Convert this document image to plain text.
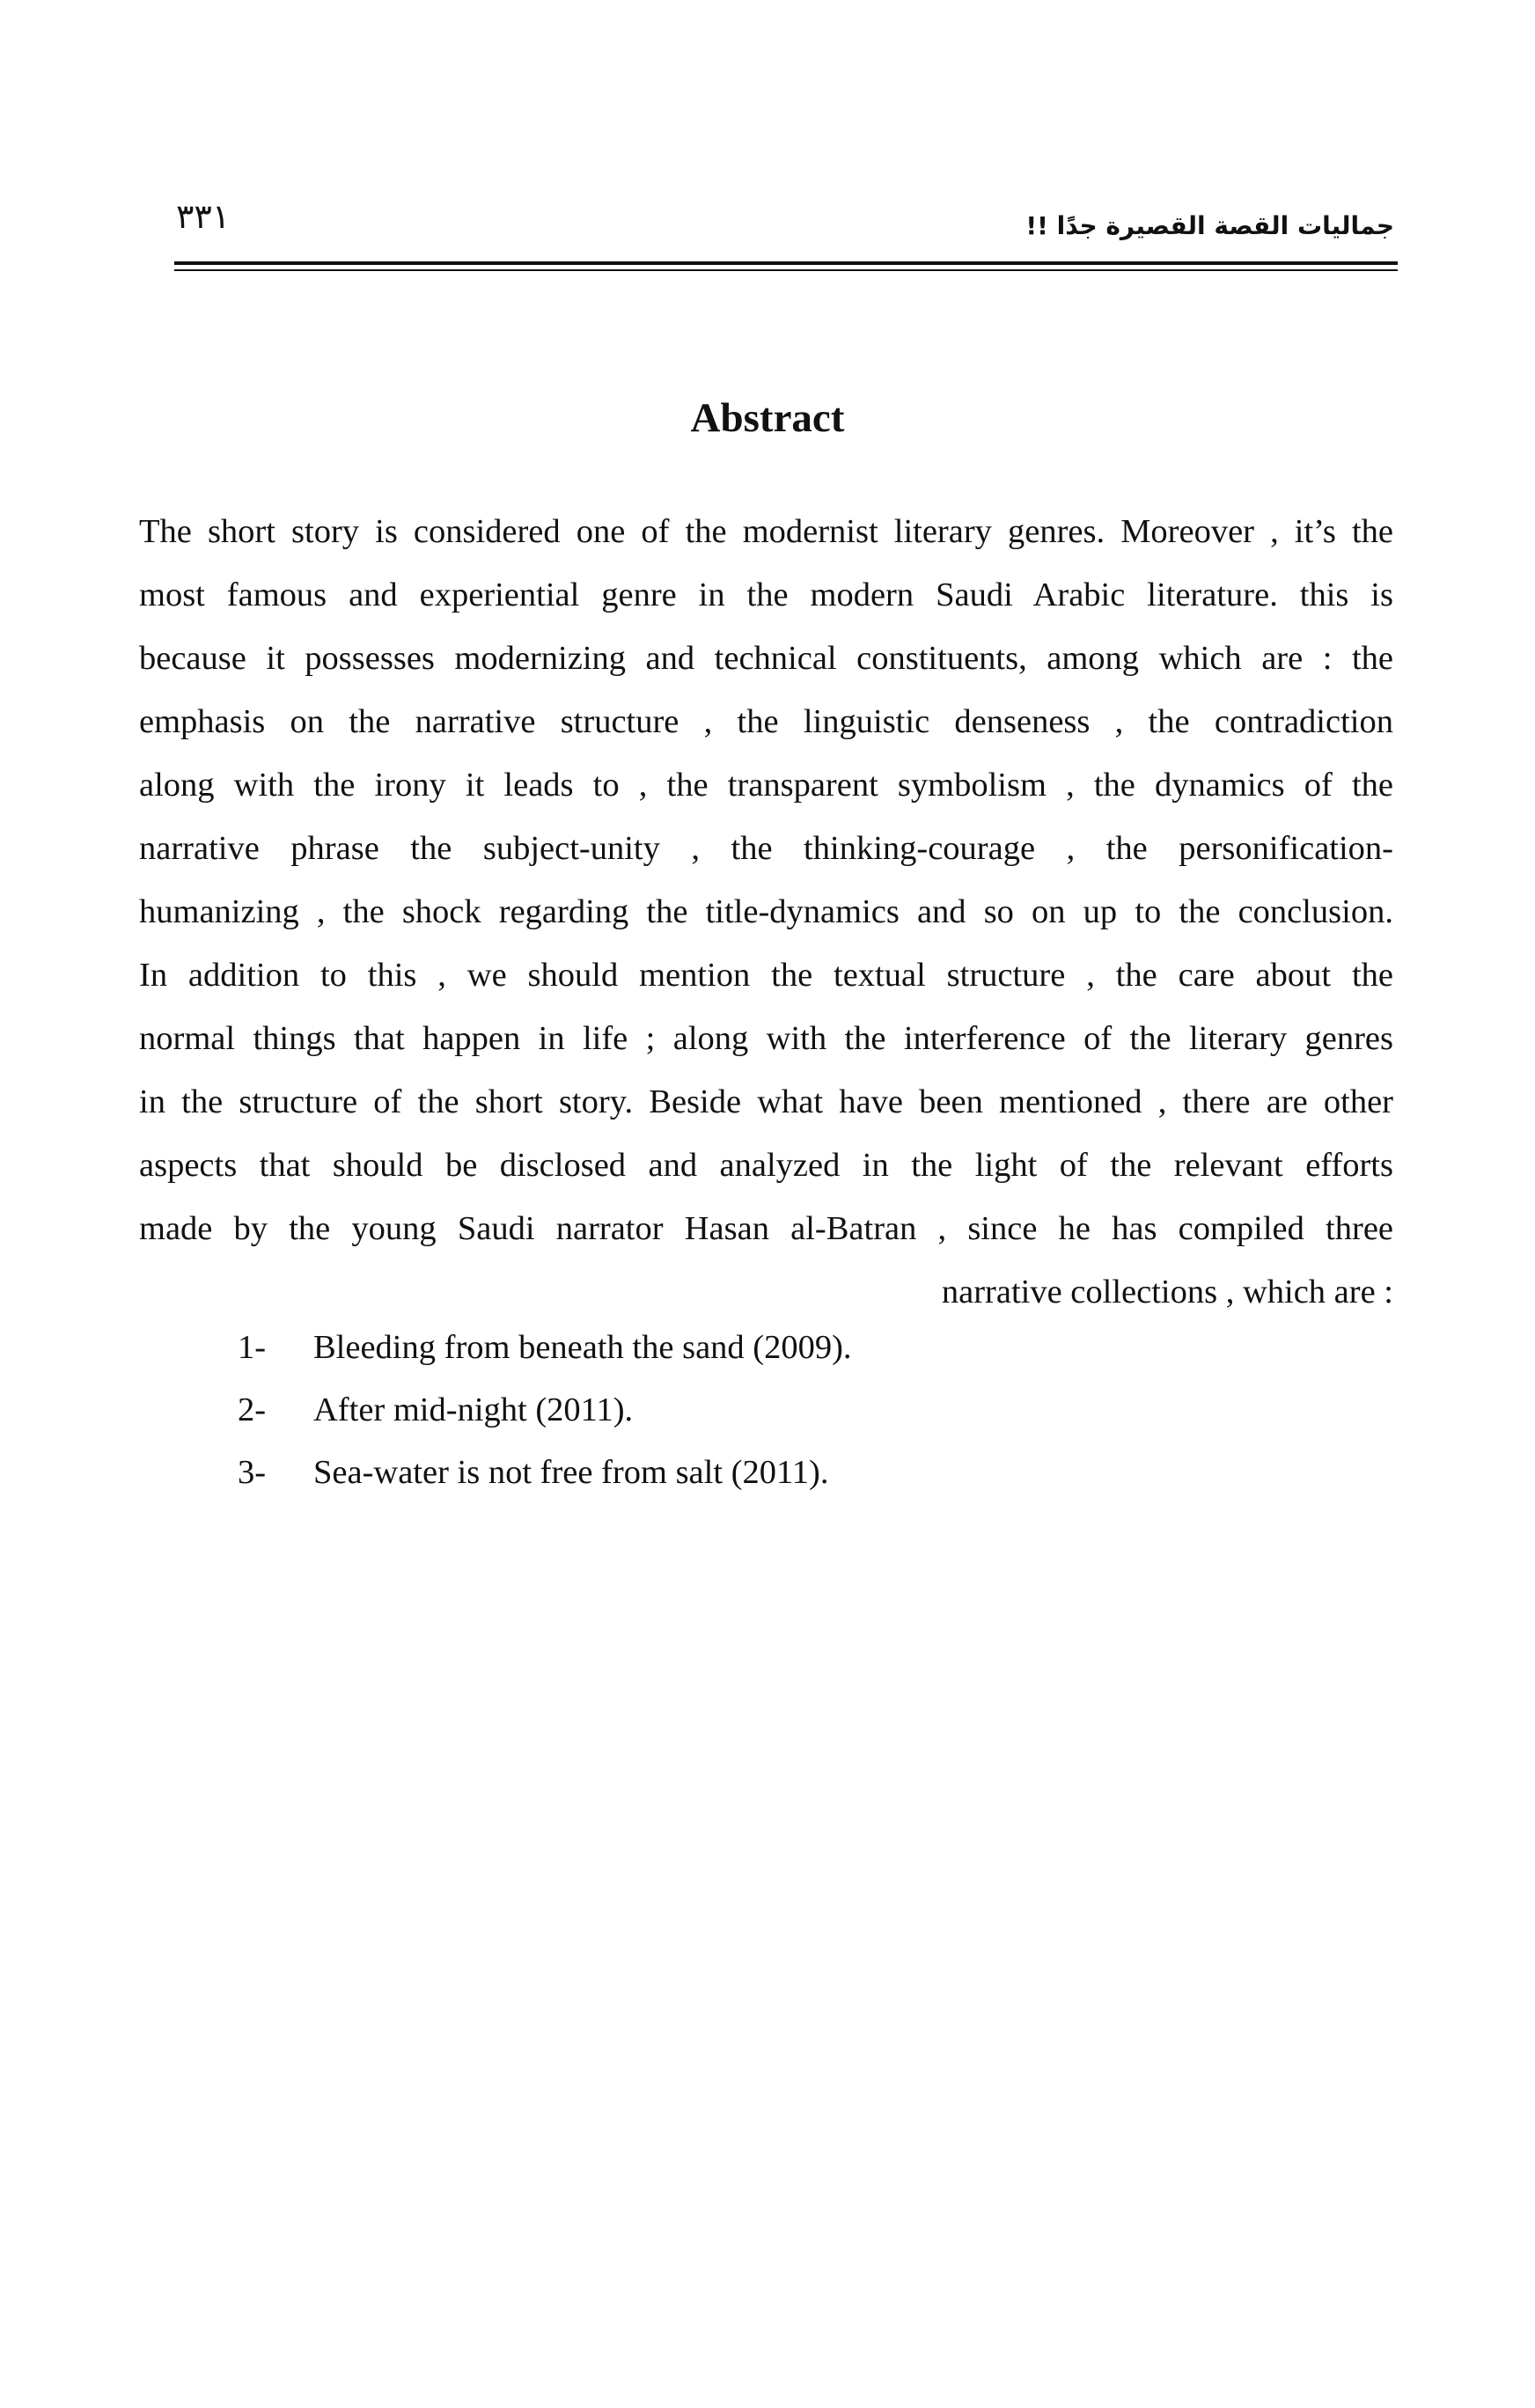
٣٣١	جماليات القصة القصيرة جدًا !!
Abstract
The short story is considered one of the modernist literary genres. Moreover , it’s the
most famous and experiential genre in the modern Saudi Arabic literature. this is
because it possesses modernizing and technical constituents, among which are : the
emphasis on the narrative structure , the linguistic denseness , the contradiction
along with the irony it leads to , the transparent symbolism , the dynamics of the
narrative phrase the subject-unity , the thinking-courage , the personification-
humanizing , the shock regarding the title-dynamics and so on up to the conclusion.
In addition to this , we should mention the textual structure , the care about the
normal things that happen in life ; along with the interference of the literary genres
in the structure of the short story. Beside what have been mentioned , there are other
aspects that should be disclosed and analyzed in the light of the relevant efforts
made by the young Saudi narrator Hasan al-Batran , since he has compiled three
narrative collections , which are :
1-	Bleeding from beneath the sand (2009).
2-	After mid-night (2011).
3-	Sea-water is not free from salt (2011).
